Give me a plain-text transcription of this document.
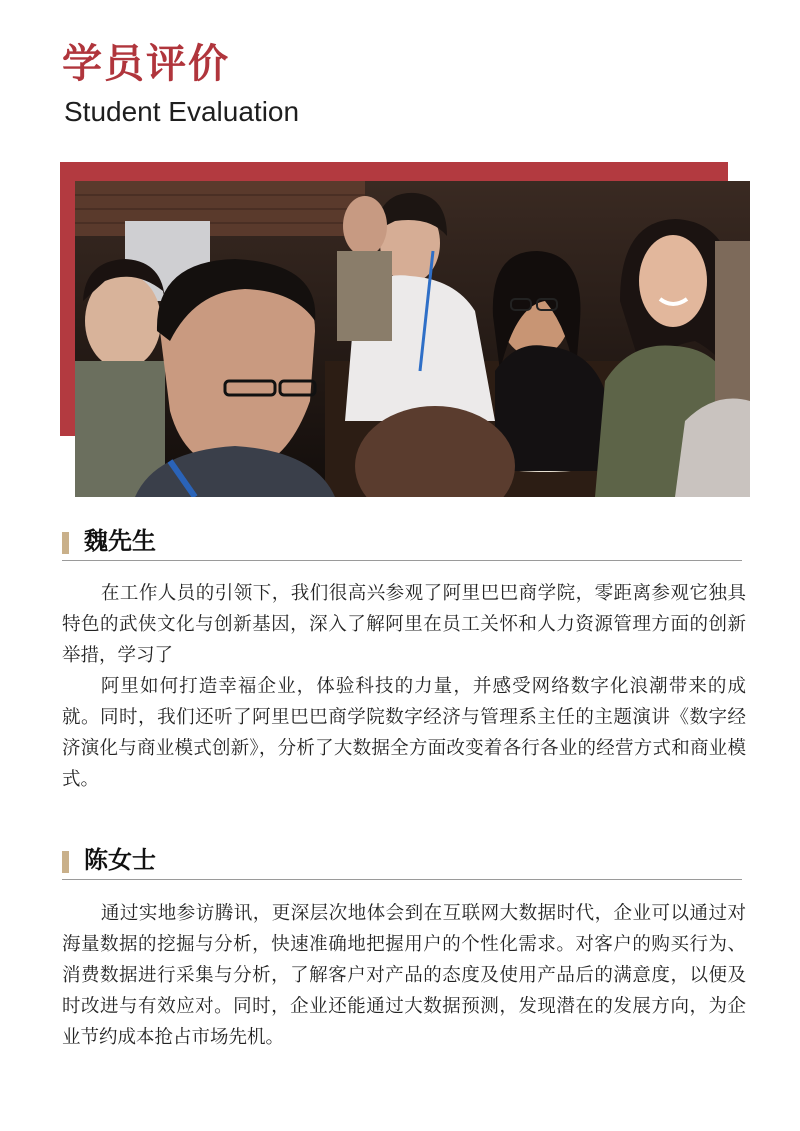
学员评价
Student Evaluation
魏先生

在工作人员的引领下，我们很高兴参观了阿里巴巴商学院，零距离参观它独具特色的武侠文化与创新基因，深入了解阿里在员工关怀和人力资源管理方面的创新举措，学习了

阿里如何打造幸福企业，体验科技的力量，并感受网络数字化浪潮带来的成就。同时，我们还听了阿里巴巴商学院数字经济与管理系主任的主题演讲《数字经济演化与商业模式创新》，分析了大数据全方面改变着各行各业的经营方式和商业模式。

陈女士

通过实地参访腾讯，更深层次地体会到在互联网大数据时代，企业可以通过对海量数据的挖掘与分析，快速准确地把握用户的个性化需求。对客户的购买行为、消费数据进行采集与分析，了解客户对产品的态度及使用产品后的满意度，以便及时改进与有效应对。同时，企业还能通过大数据预测，发现潜在的发展方向，为企业节约成本抢占市场先机。
